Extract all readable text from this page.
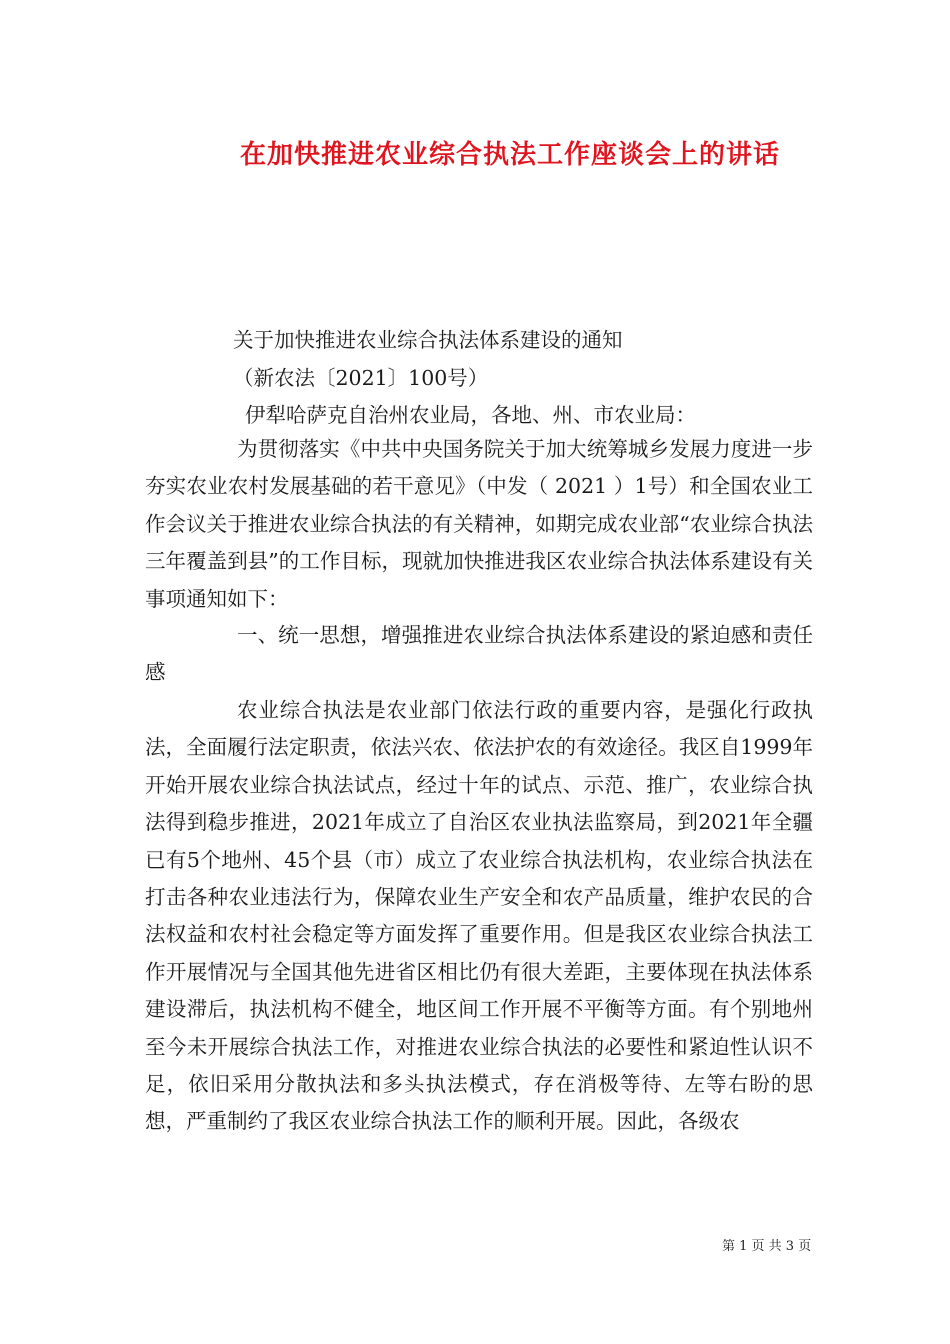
在加快推进农业综合执法工作座谈会上的讲话
关于加快推进农业综合执法体系建设的通知
（新农法〔2021〕100号）
伊犁哈萨克自治州农业局，各地、州、市农业局：

为贯彻落实《中共中央国务院关于加大统筹城乡发展力度进一步夯实农业农村发展基础的若干意见》（中发（ 2021 ）1号）和全国农业工作会议关于推进农业综合执法的有关精神，如期完成农业部“农业综合执法三年覆盖到县”的工作目标，现就加快推进我区农业综合执法体系建设有关事项通知如下：

一、统一思想，增强推进农业综合执法体系建设的紧迫感和责任感

农业综合执法是农业部门依法行政的重要内容，是强化行政执法，全面履行法定职责，依法兴农、依法护农的有效途径。我区自1999年开始开展农业综合执法试点，经过十年的试点、示范、推广，农业综合执法得到稳步推进，2021年成立了自治区农业执法监察局，到2021年全疆已有5个地州、45个县（市）成立了农业综合执法机构，农业综合执法在打击各种农业违法行为，保障农业生产安全和农产品质量，维护农民的合法权益和农村社会稳定等方面发挥了重要作用。但是我区农业综合执法工作开展情况与全国其他先进省区相比仍有很大差距，主要体现在执法体系建设滞后，执法机构不健全，地区间工作开展不平衡等方面。有个别地州至今未开展综合执法工作，对推进农业综合执法的必要性和紧迫性认识不足，依旧采用分散执法和多头执法模式，存在消极等待、左等右盼的思想，严重制约了我区农业综合执法工作的顺利开展。因此，各级农

第 1 页 共 3 页
